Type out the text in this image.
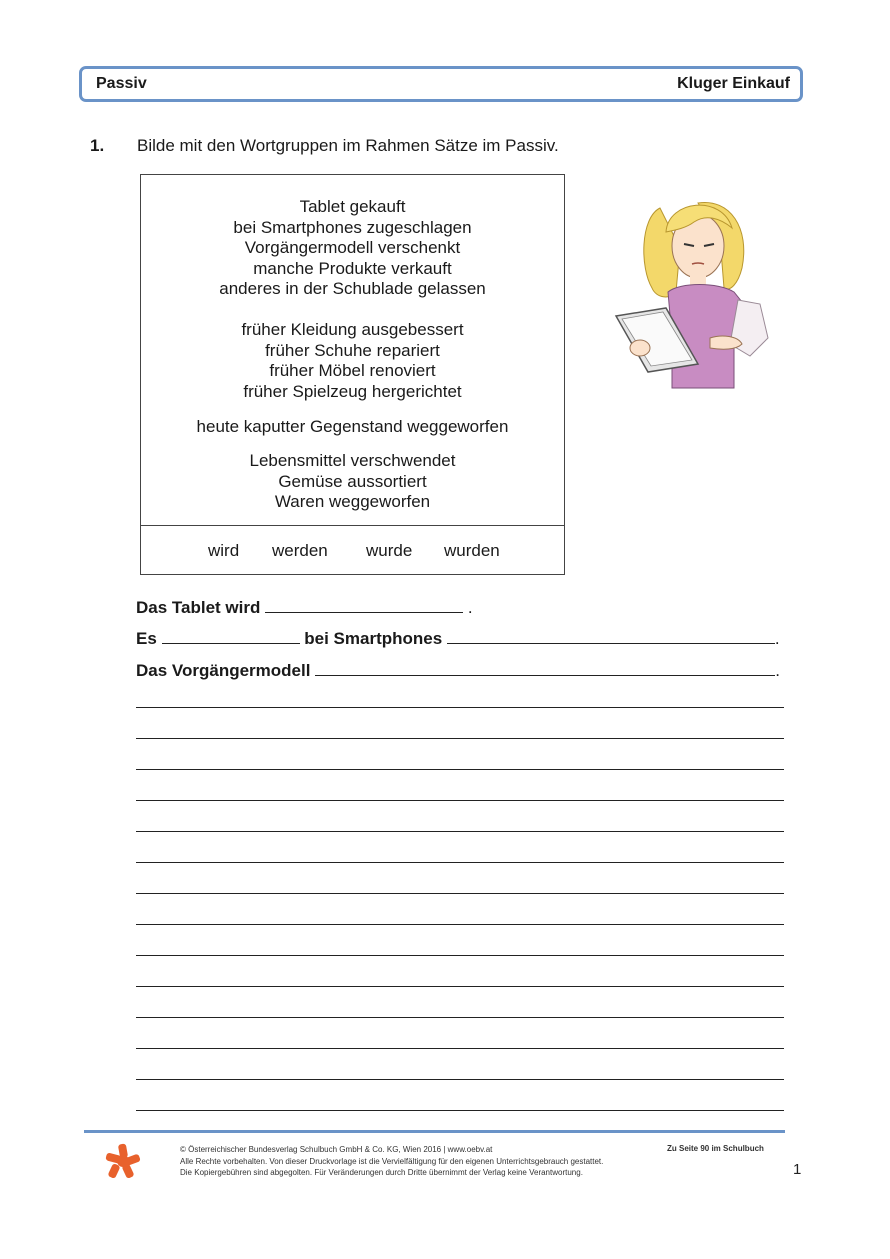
Passiv	Kluger Einkauf
1. Bilde mit den Wortgruppen im Rahmen Sätze im Passiv.
Tablet gekauft
bei Smartphones zugeschlagen
Vorgängermodell verschenkt
manche Produkte verkauft
anderes in der Schublade gelassen
früher Kleidung ausgebessert
früher Schuhe repariert
früher Möbel renoviert
früher Spielzeug hergerichtet
heute kaputter Gegenstand weggeworfen
Lebensmittel verschwendet
Gemüse aussortiert
Waren weggeworfen
wird werden wurde wurden
Das Tablet wird	.
Es	bei Smartphones	.
Das Vorgängermodell	.
© Österreichischer Bundesverlag Schulbuch GmbH & Co. KG, Wien 2016 | www.oebv.at
Alle Rechte vorbehalten. Von dieser Druckvorlage ist die Vervielfältigung für den eigenen Unterrichtsgebrauch gestattet.
Die Kopiergebühren sind abgegolten. Für Veränderungen durch Dritte übernimmt der Verlag keine Verantwortung.
Zu Seite 90 im Schulbuch
1
